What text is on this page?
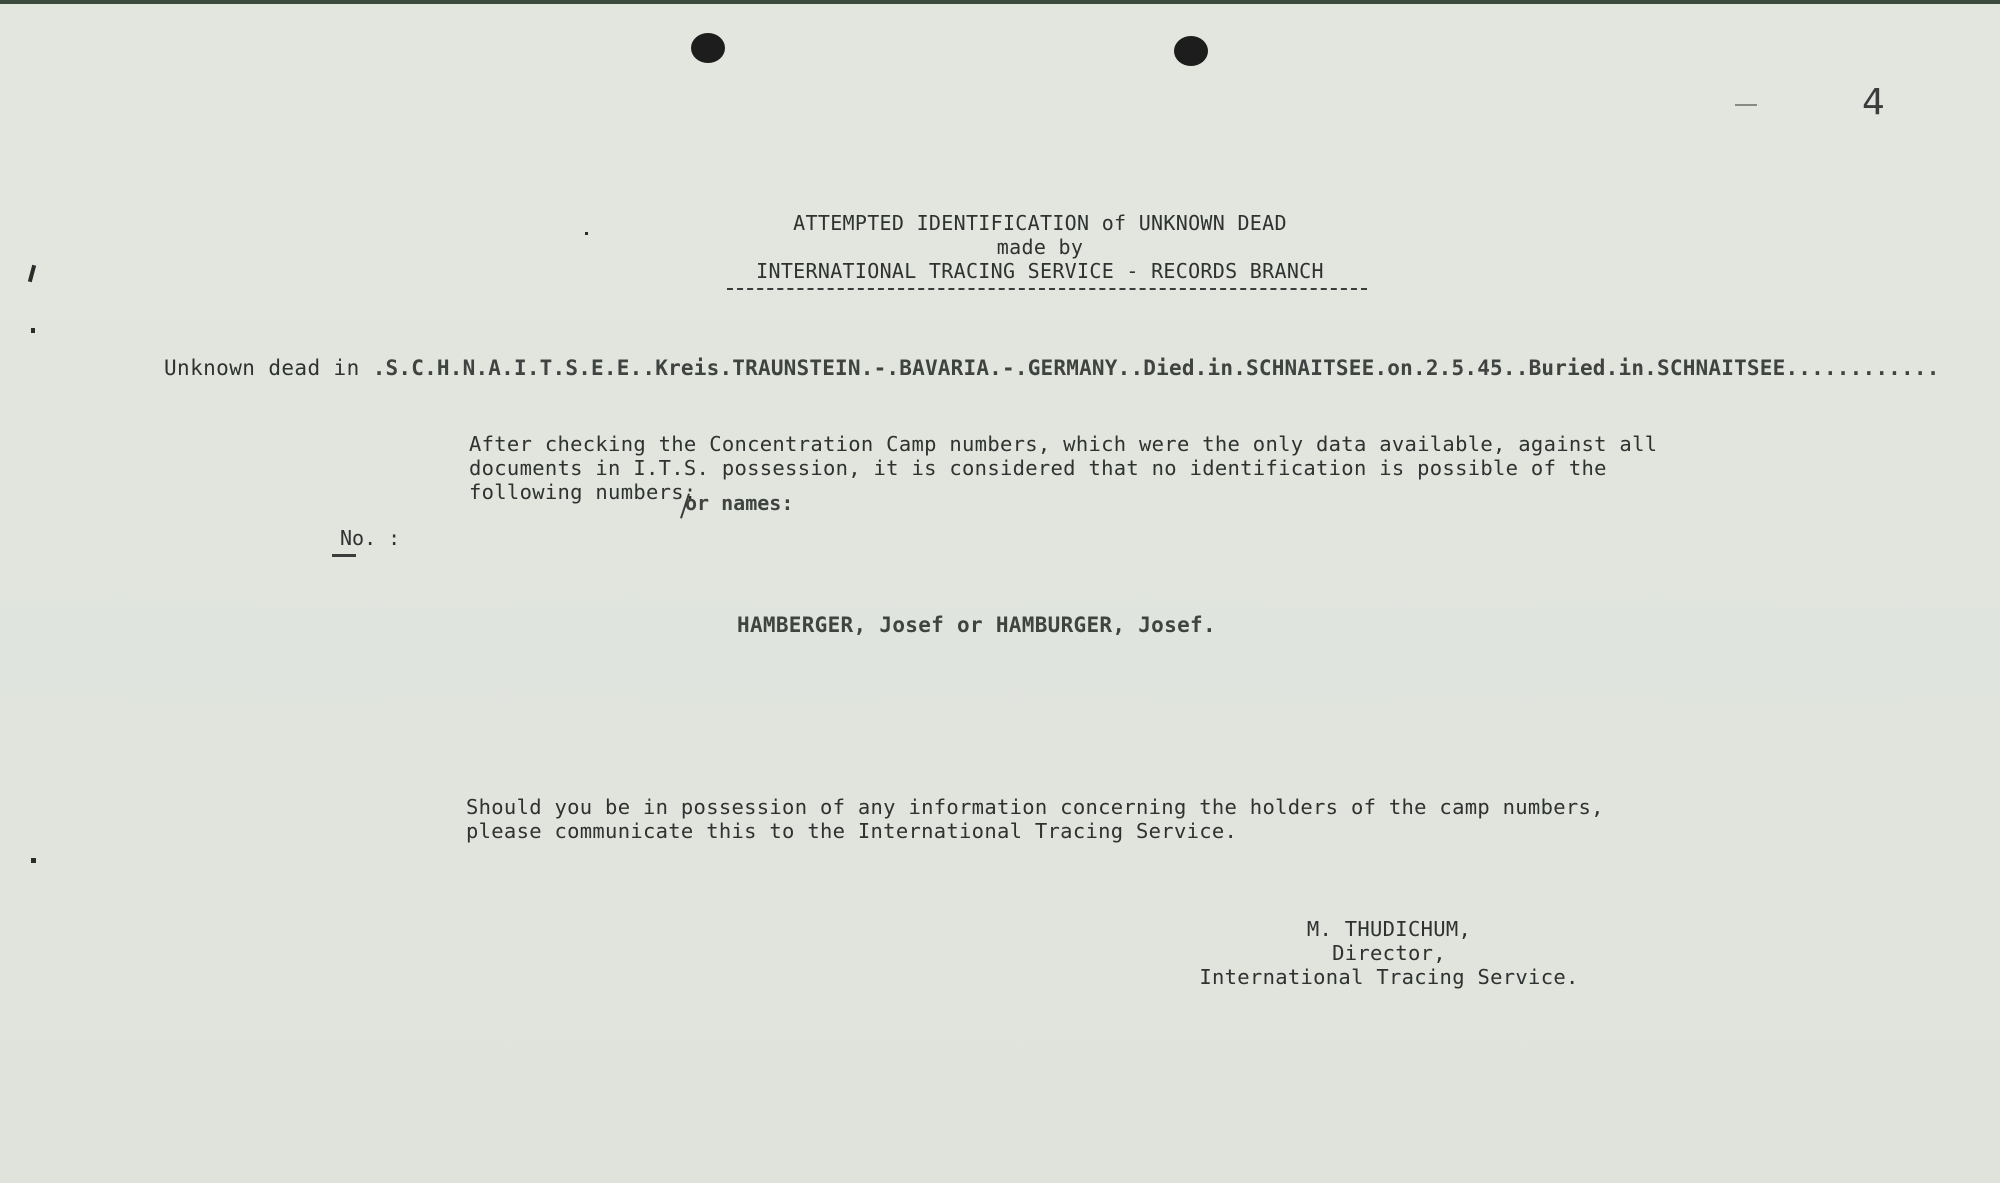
4
ATTEMPTED IDENTIFICATION of UNKNOWN DEAD
made by
INTERNATIONAL TRACING SERVICE - RECORDS BRANCH
Unknown dead in .S.C.H.N.A.I.T.S.E.E..Kreis.TRAUNSTEIN.-.BAVARIA.-.GERMANY..Died.in.SCHNAITSEE.on.2.5.45..Buried.in.SCHNAITSEE............
After checking the Concentration Camp numbers, which were the only data available, against all
documents in I.T.S. possession, it is considered that no identification is possible of the
following numbers:
or names:
No. :
HAMBERGER, Josef or HAMBURGER, Josef.
Should you be in possession of any information concerning the holders of the camp numbers,
please communicate this to the International Tracing Service.
M. THUDICHUM,
Director,
International Tracing Service.
